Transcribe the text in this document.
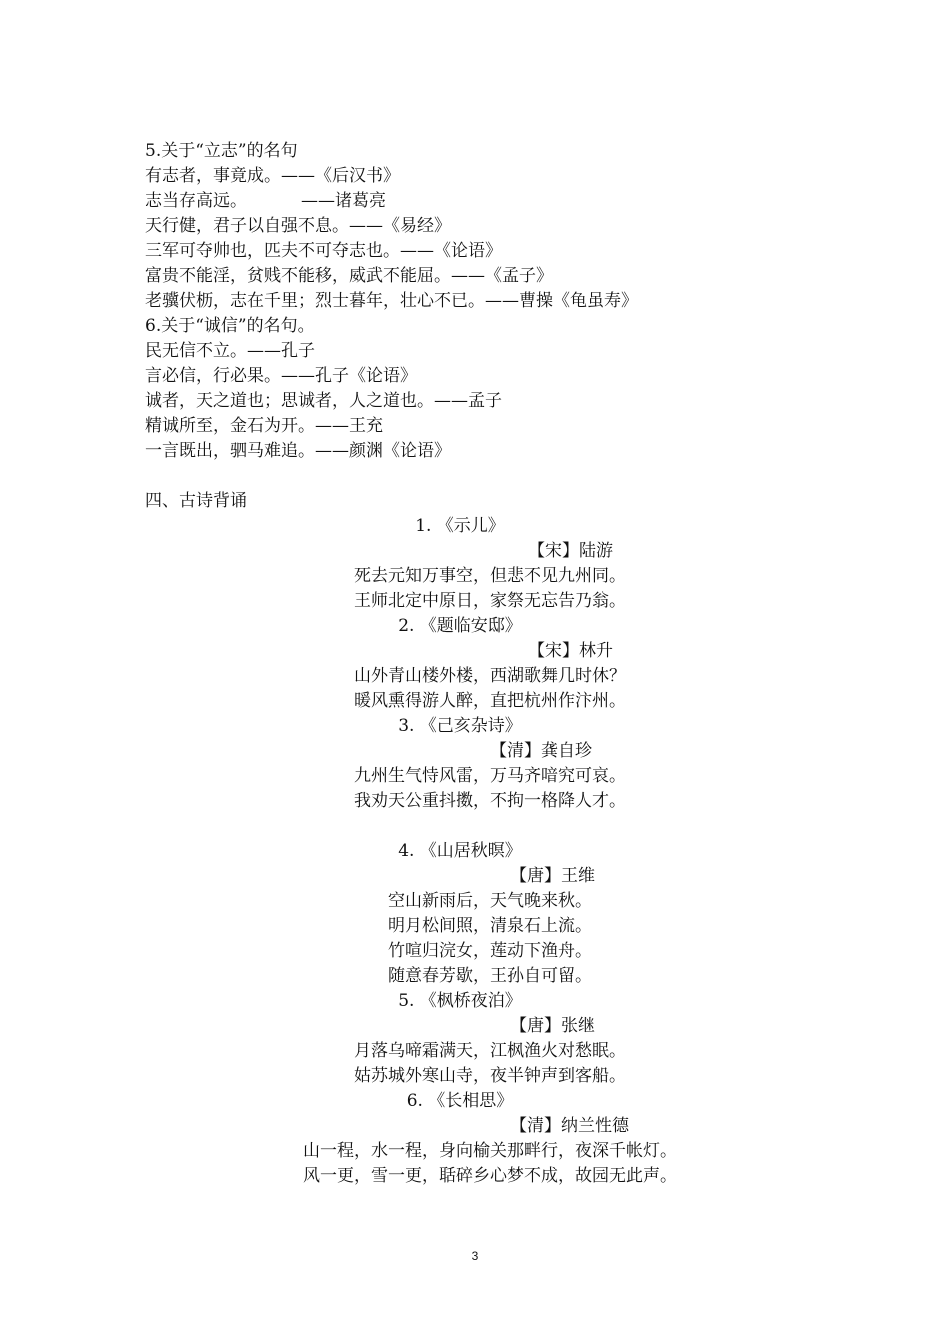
5.关于“立志”的名句
有志者，事竟成。——《后汉书》
志当存高远。          ——诸葛亮
天行健，君子以自强不息。——《易经》
三军可夺帅也，匹夫不可夺志也。——《论语》
富贵不能淫，贫贱不能移，威武不能屈。——《孟子》
老骥伏枥，志在千里；烈士暮年，壮心不已。——曹操《龟虽寿》
6.关于“诚信”的名句。
民无信不立。——孔子
言必信，行必果。——孔子《论语》
诚者，天之道也；思诚者，人之道也。——孟子
精诚所至，金石为开。——王充
一言既出，驷马难追。——颜渊《论语》
四、古诗背诵
1. 《示儿》
【宋】陆游
死去元知万事空，但悲不见九州同。
王师北定中原日，家祭无忘告乃翁。
2. 《题临安邸》
【宋】林升
山外青山楼外楼，西湖歌舞几时休？
暖风熏得游人醉，直把杭州作汴州。
3. 《己亥杂诗》
【清】龚自珍
九州生气恃风雷，万马齐喑究可哀。
我劝天公重抖擞，不拘一格降人才。
4. 《山居秋暝》
【唐】王维
空山新雨后，天气晚来秋。
明月松间照，清泉石上流。
竹喧归浣女，莲动下渔舟。
随意春芳歇，王孙自可留。
5. 《枫桥夜泊》
【唐】张继
月落乌啼霜满天，江枫渔火对愁眠。
姑苏城外寒山寺，夜半钟声到客船。
6. 《长相思》
【清】纳兰性德
山一程，水一程，身向榆关那畔行，夜深千帐灯。
风一更，雪一更，聒碎乡心梦不成，故园无此声。
3
